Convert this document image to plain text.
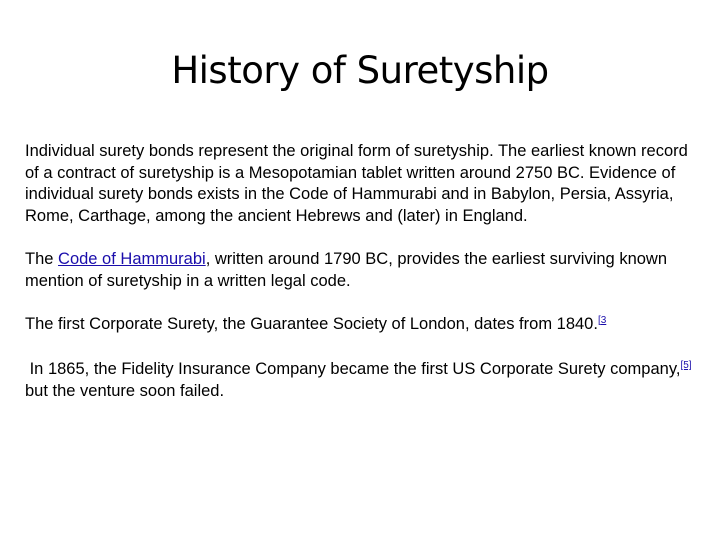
History of Suretyship

Individual surety bonds represent the original form of suretyship. The earliest known record of a contract of suretyship is a Mesopotamian tablet written around 2750 BC. Evidence of individual surety bonds exists in the Code of Hammurabi and in Babylon, Persia, Assyria, Rome, Carthage, among the ancient Hebrews and (later) in England.

The Code of Hammurabi, written around 1790 BC, provides the earliest surviving known mention of suretyship in a written legal code.

The first Corporate Surety, the Guarantee Society of London, dates from 1840.$^{[3}$

In 1865, the Fidelity Insurance Company became the first US Corporate Surety company,[5] but the venture soon failed.
